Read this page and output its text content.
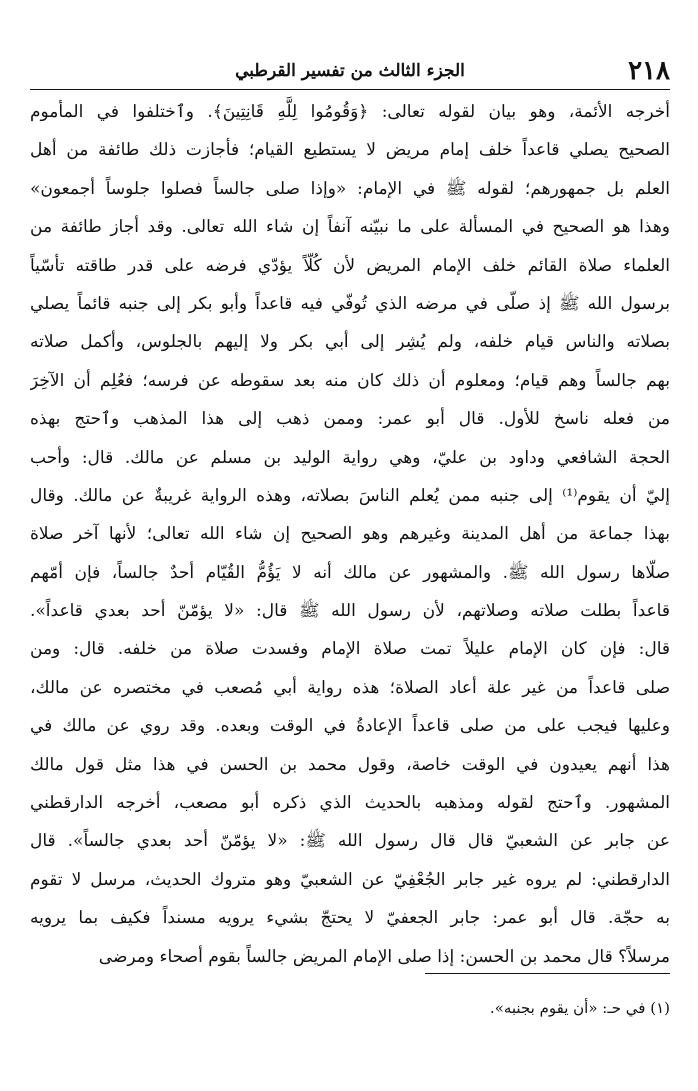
٢١٨
الجزء الثالث من تفسير القرطبي
أخرجه الأئمة، وهو بيان لقوله تعالى: ﴿وَقُومُوا لِلَّهِ قَانِتِينَ﴾. وٱختلفوا في المأموم
الصحيح يصلي قاعداً خلف إمام مريض لا يستطيع القيام؛ فأجازت ذلك طائفة من أهل
العلم بل جمهورهم؛ لقوله ﷺ في الإمام: «وإذا صلى جالساً فصلوا جلوساً أجمعون»
وهذا هو الصحيح في المسألة على ما نبيّنه آنفاً إن شاء الله تعالى. وقد أجاز طائفة من
العلماء صلاة القائم خلف الإمام المريض لأن كُلّاً يؤدّي فرضه على قدر طاقته تأسّياً
برسول الله ﷺ إذ صلّى في مرضه الذي تُوفّي فيه قاعداً وأبو بكر إلى جنبه قائماً يصلي
بصلاته والناس قيام خلفه، ولم يُشِر إلى أبي بكر ولا إليهم بالجلوس، وأكمل صلاته
بهم جالساً وهم قيام؛ ومعلوم أن ذلك كان منه بعد سقوطه عن فرسه؛ فعُلِم أن الآخِرَ
من فعله ناسخ للأول. قال أبو عمر: وممن ذهب إلى هذا المذهب وٱحتج بهذه
الحجة الشافعي وداود بن عليّ، وهي رواية الوليد بن مسلم عن مالك. قال: وأحب
إليّ أن يقوم⁽¹⁾ إلى جنبه ممن يُعلم الناسَ بصلاته، وهذه الرواية غريبةٌ عن مالك. وقال
بهذا جماعة من أهل المدينة وغيرهم وهو الصحيح إن شاء الله تعالى؛ لأنها آخر صلاة
صلّاها رسول الله ﷺ. والمشهور عن مالك أنه لا يَؤُمُّ القُيّام أحدٌ جالساً، فإن أمّهم
قاعداً بطلت صلاته وصلاتهم، لأن رسول الله ﷺ قال: «لا يؤمّنّ أحد بعدي قاعداً».
قال: فإن كان الإمام عليلاً تمت صلاة الإمام وفسدت صلاة من خلفه. قال: ومن
صلى قاعداً من غير علة أعاد الصلاة؛ هذه رواية أبي مُصعب في مختصره عن مالك،
وعليها فيجب على من صلى قاعداً الإعادةُ في الوقت وبعده. وقد روي عن مالك في
هذا أنهم يعيدون في الوقت خاصة، وقول محمد بن الحسن في هذا مثل قول مالك
المشهور. وٱحتج لقوله ومذهبه بالحديث الذي ذكره أبو مصعب، أخرجه الدارقطني
عن جابر عن الشعبيّ قال قال رسول الله ﷺ: «لا يؤمّنّ أحد بعدي جالساً». قال
الدارقطني: لم يروه غير جابر الجُعْفِيّ عن الشعبيّ وهو متروك الحديث، مرسل لا تقوم
به حجّة. قال أبو عمر: جابر الجعفيّ لا يحتجّ بشيء يرويه مسنداً فكيف بما يرويه
مرسلاً؟ قال محمد بن الحسن: إذا صلى الإمام المريض جالساً بقوم أصحاء ومرضى
(١) في حـ: «أن يقوم بجنبه».
